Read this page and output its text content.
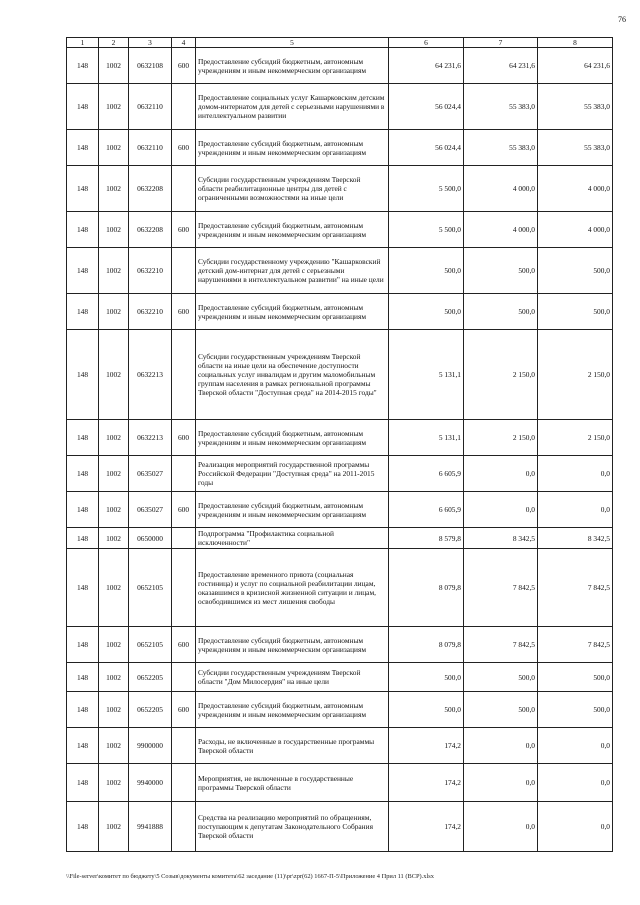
76
1	2	3	4	5	6	7	8
148	1002	0632108	600	Предоставление субсидий бюджетным, автономным учреждениям и иным некоммерческим организациям	64 231,6	64 231,6	64 231,6
148	1002	0632110		Предоставление социальных услуг Кашарковским детским домом-интернатом для детей с серьезными нарушениями в интеллектуальном развитии	56 024,4	55 383,0	55 383,0
148	1002	0632110	600	Предоставление субсидий бюджетным, автономным учреждениям и иным некоммерческим организациям	56 024,4	55 383,0	55 383,0
148	1002	0632208		Субсидии государственным учреждениям Тверской области реабилитационные центры для детей с ограниченными возможностями на иные цели	5 500,0	4 000,0	4 000,0
148	1002	0632208	600	Предоставление субсидий бюджетным, автономным учреждениям и иным некоммерческим организациям	5 500,0	4 000,0	4 000,0
148	1002	0632210		Субсидии государственному учреждению "Кашарковский детский дом-интернат для детей с серьезными нарушениями в интеллектуальном развитии" на иные цели	500,0	500,0	500,0
148	1002	0632210	600	Предоставление субсидий бюджетным, автономным учреждениям и иным некоммерческим организациям	500,0	500,0	500,0
148	1002	0632213		Субсидии государственным учреждениям Тверской области на иные цели на обеспечение доступности социальных услуг инвалидам и другим маломобильным группам населения в рамках региональной программы Тверской области "Доступная среда" на 2014-2015 годы"	5 131,1	2 150,0	2 150,0
148	1002	0632213	600	Предоставление субсидий бюджетным, автономным учреждениям и иным некоммерческим организациям	5 131,1	2 150,0	2 150,0
148	1002	0635027		Реализация мероприятий государственной программы Российской Федерации "Доступная среда" на 2011-2015 годы	6 605,9	0,0	0,0
148	1002	0635027	600	Предоставление субсидий бюджетным, автономным учреждениям и иным некоммерческим организациям	6 605,9	0,0	0,0
148	1002	0650000		Подпрограмма "Профилактика социальной исключенности"	8 579,8	8 342,5	8 342,5
148	1002	0652105		Предоставление временного приюта (социальная гостиница) и услуг по социальной реабилитации лицам, оказавшимся в кризисной жизненной ситуации и лицам, освободившимся из мест лишения свободы	8 079,8	7 842,5	7 842,5
148	1002	0652105	600	Предоставление субсидий бюджетным, автономным учреждениям и иным некоммерческим организациям	8 079,8	7 842,5	7 842,5
148	1002	0652205		Субсидии государственным учреждениям Тверской области "Дом Милосердия" на иные цели	500,0	500,0	500,0
148	1002	0652205	600	Предоставление субсидий бюджетным, автономным учреждениям и иным некоммерческим организациям	500,0	500,0	500,0
148	1002	9900000		Расходы, не включенные в государственные программы Тверской области	174,2	0,0	0,0
148	1002	9940000		Мероприятия, не включенные в государственные программы Тверской области	174,2	0,0	0,0
148	1002	9941888		Средства на реализацию мероприятий по обращениям, поступающим к депутатам Законодательного Собрания Тверской области	174,2	0,0	0,0
\\File-server\комитет по бюджету\5 Созыв\документы комитета\62 заседание (11)\pr\zpr(62) 1667-П-5\Приложение 4 Прил 11 (ВСР).xlsx
